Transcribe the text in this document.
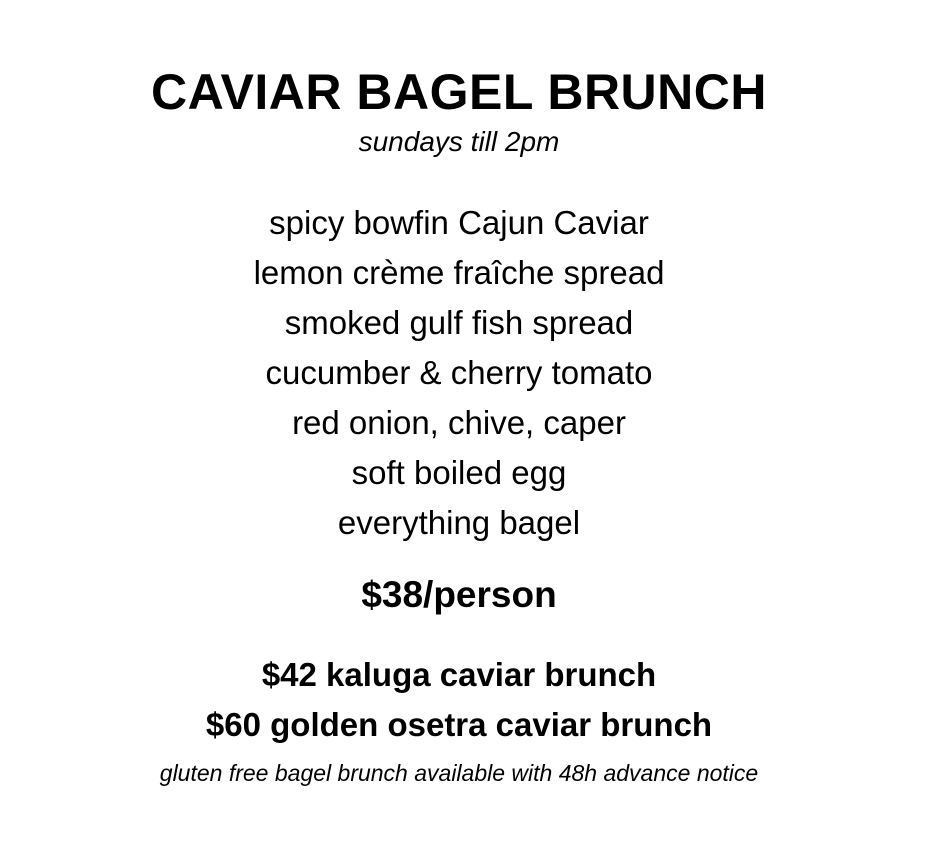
CAVIAR BAGEL BRUNCH

sundays till 2pm

spicy bowfin Cajun Caviar
lemon crème fraîche spread
smoked gulf fish spread
cucumber & cherry tomato
red onion, chive, caper
soft boiled egg
everything bagel

$38/person

$42 kaluga caviar brunch
$60 golden osetra caviar brunch

gluten free bagel brunch available with 48h advance notice
